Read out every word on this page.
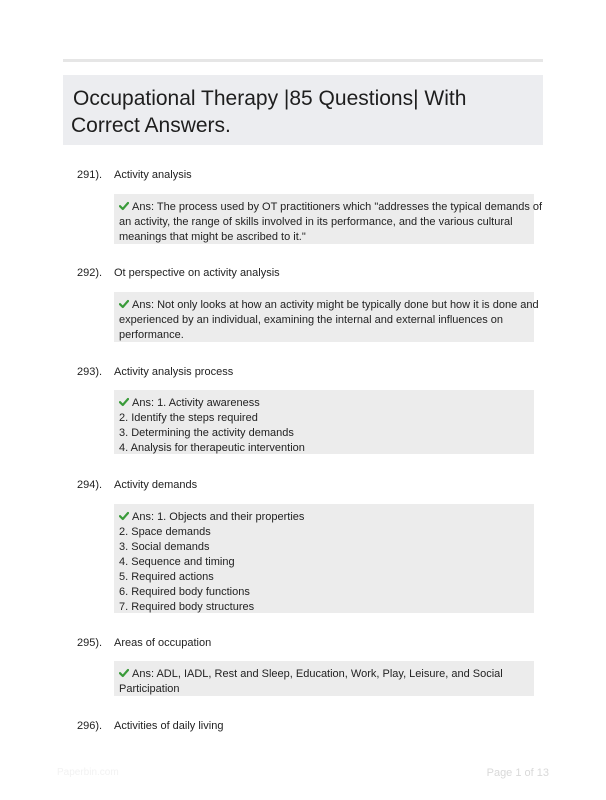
Occupational Therapy |85 Questions| With
Correct Answers.
291). Activity analysis
Ans: The process used by OT practitioners which "addresses the typical demands of
an activity, the range of skills involved in its performance, and the various cultural
meanings that might be ascribed to it."
292). Ot perspective on activity analysis
Ans: Not only looks at how an activity might be typically done but how it is done and
experienced by an individual, examining the internal and external influences on
performance.
293). Activity analysis process
Ans: 1. Activity awareness
2. Identify the steps required
3. Determining the activity demands
4. Analysis for therapeutic intervention
294). Activity demands
Ans: 1. Objects and their properties
2. Space demands
3. Social demands
4. Sequence and timing
5. Required actions
6. Required body functions
7. Required body structures
295). Areas of occupation
Ans: ADL, IADL, Rest and Sleep, Education, Work, Play, Leisure, and Social
Participation
296). Activities of daily living
Paperbin.com	Page 1 of 13
